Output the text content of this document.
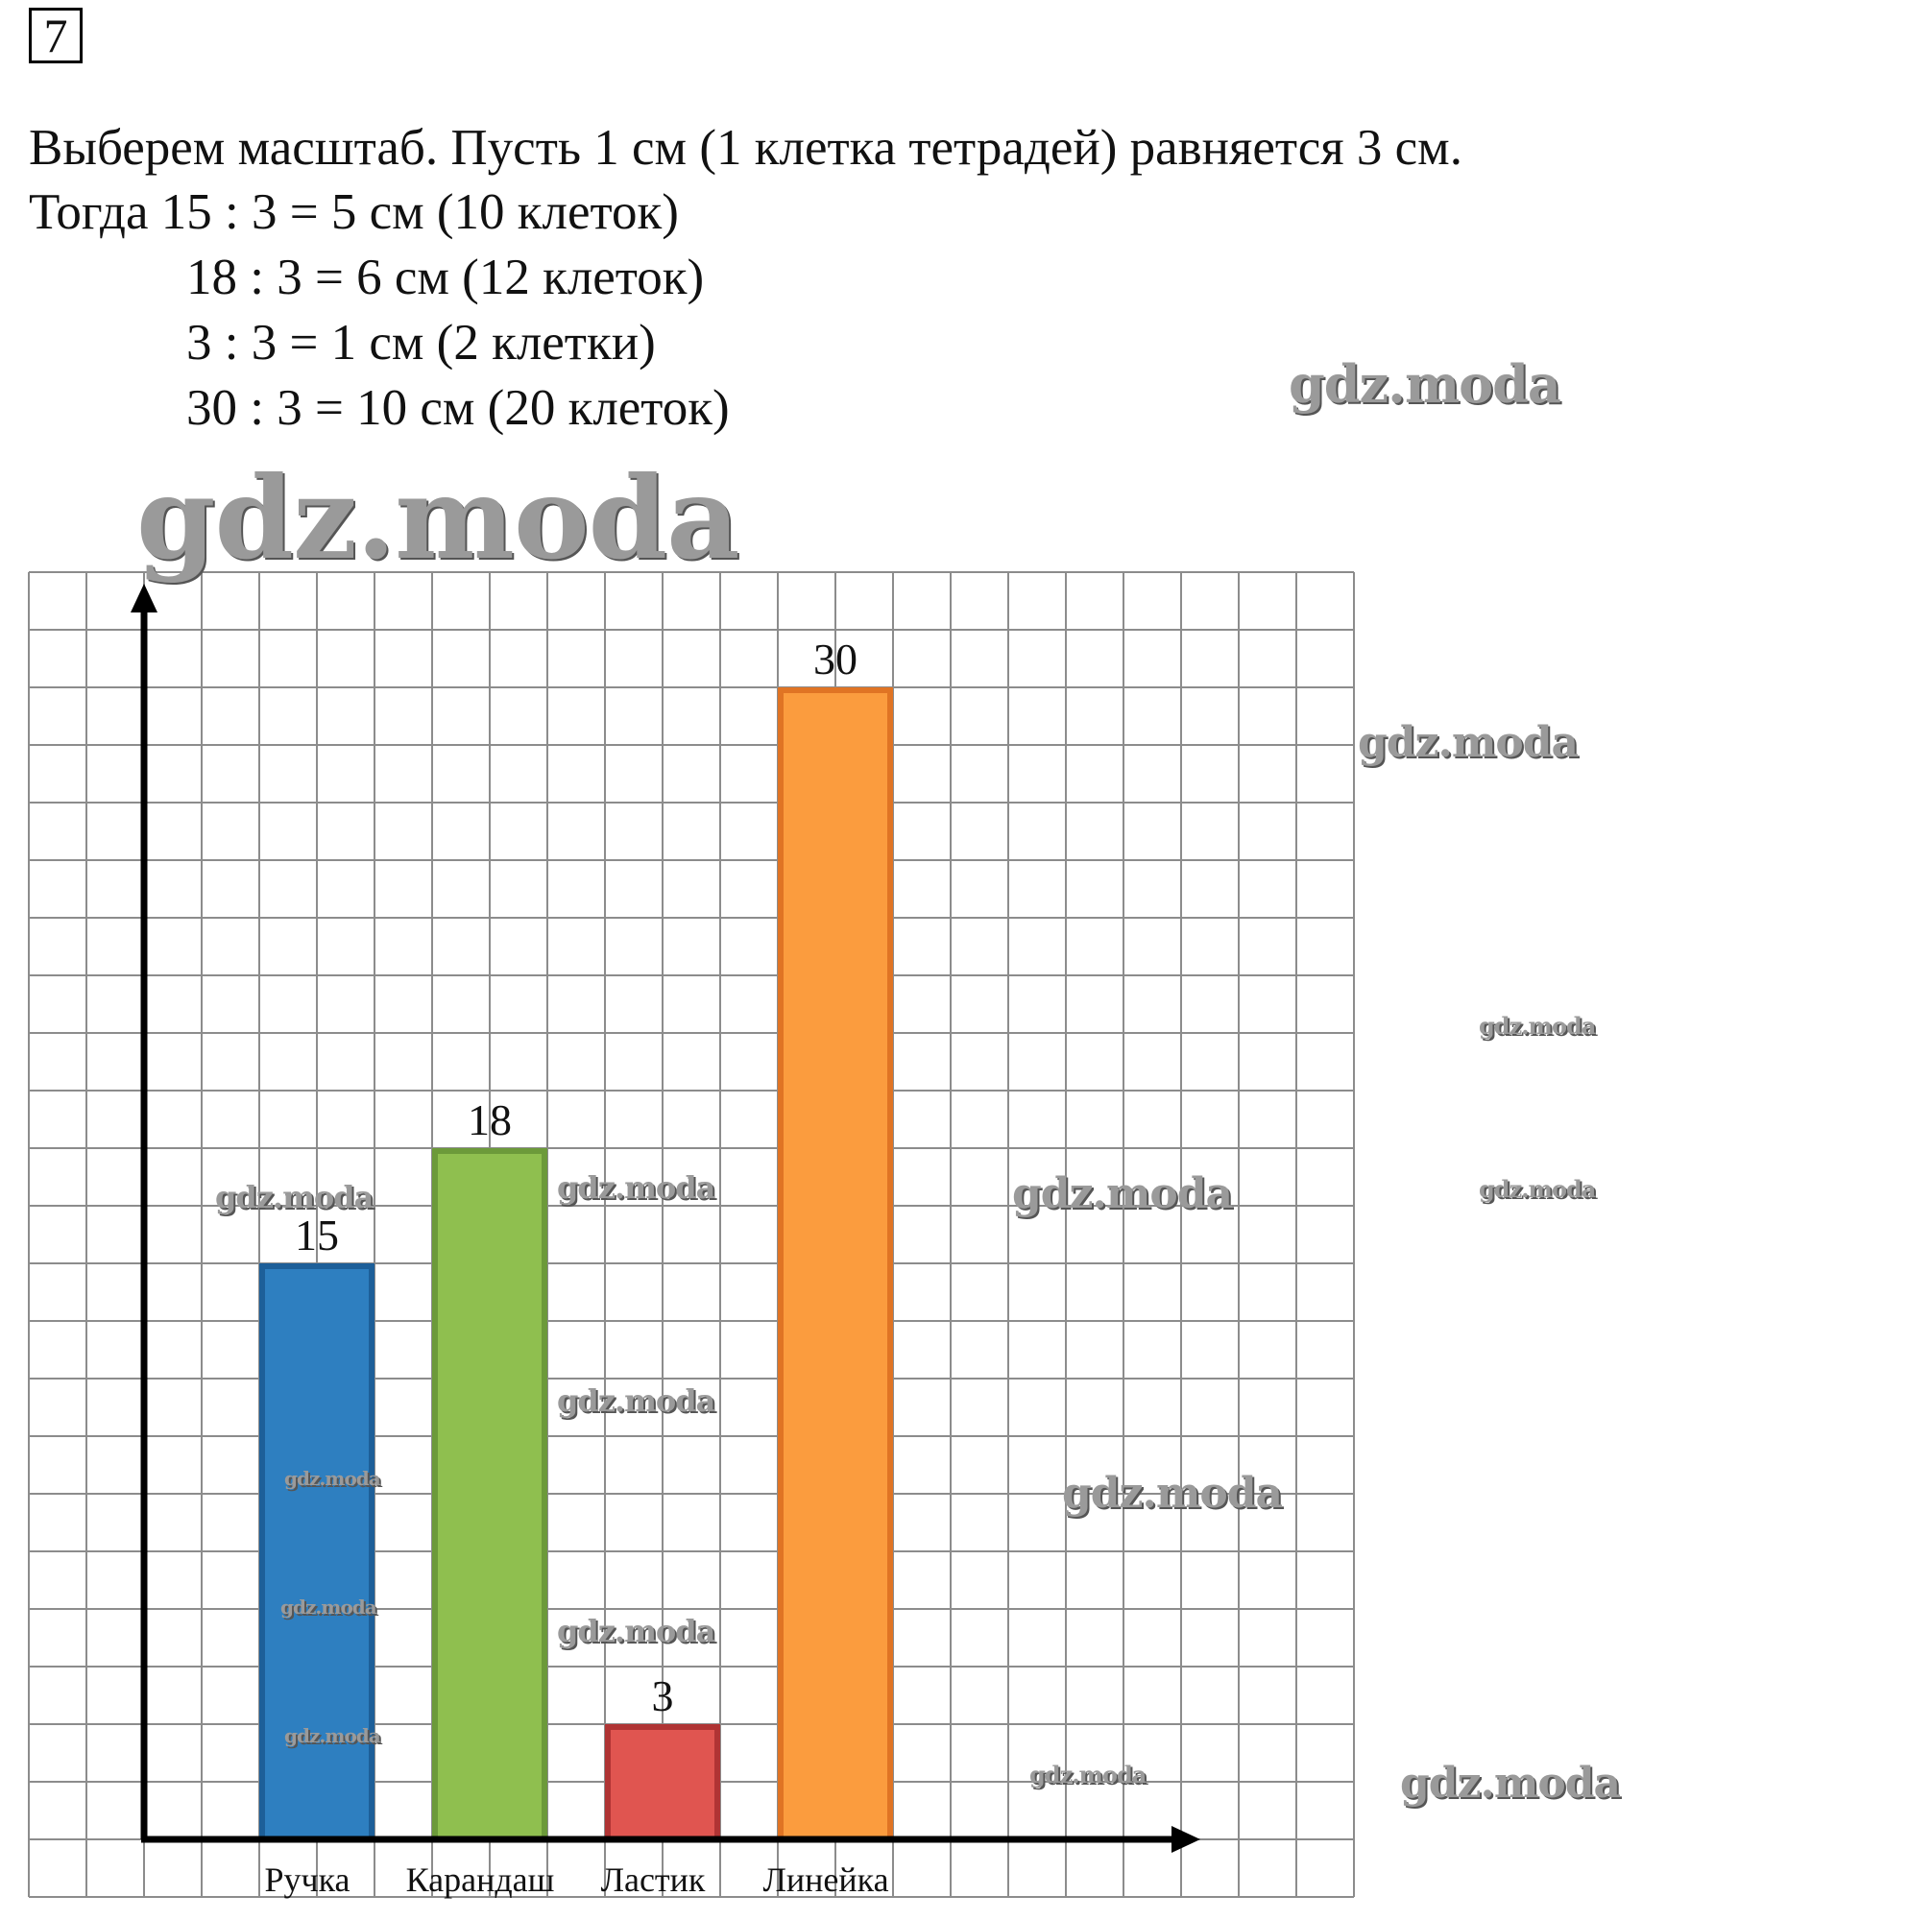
7
Выберем масштаб. Пусть 1 см (1 клетка тетрадей) равняется 3 см.
Тогда 15 : 3 = 5 см (10 клеток)
18 : 3 = 6 см (12 клеток)
3 : 3 = 1 см (2 клетки)
30 : 3 = 10 см (20 клеток)
15
Ручка
18
Карандаш
3
Ластик
30
Линейка
gdz.moda
gdz.moda
gdz.moda
gdz.moda
gdz.moda	gdz.moda	gdz.moda	gdz.moda
gdz.moda
gdz.moda
gdz.moda
gdz.moda
gdz.moda
gdz.moda
gdz.moda	gdz.moda
